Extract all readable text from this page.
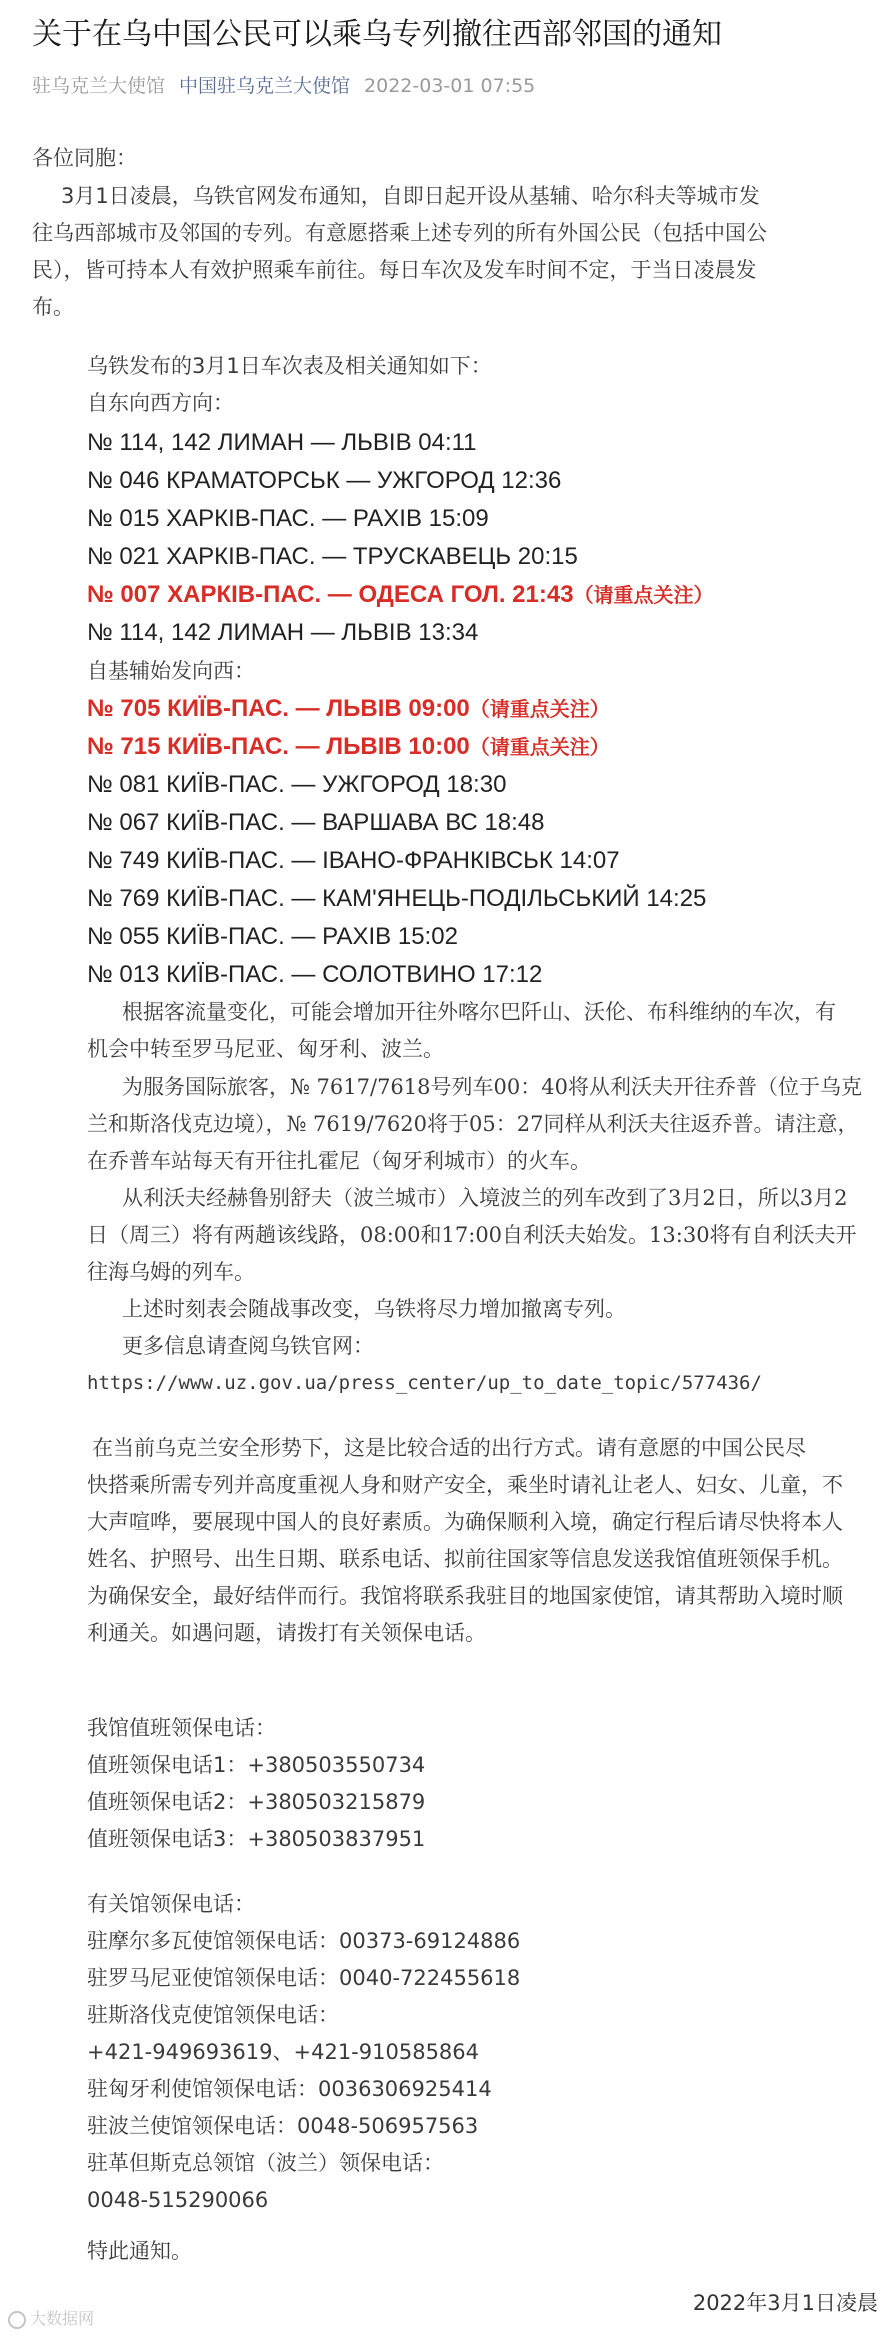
关于在乌中国公民可以乘乌专列撤往西部邻国的通知
驻乌克兰大使馆 中国驻乌克兰大使馆 2022-03-01 07:55
各位同胞：
3月1日凌晨，乌铁官网发布通知，自即日起开设从基辅、哈尔科夫等城市发
往乌西部城市及邻国的专列。有意愿搭乘上述专列的所有外国公民（包括中国公
民），皆可持本人有效护照乘车前往。每日车次及发车时间不定，于当日凌晨发
布。
乌铁发布的3月1日车次表及相关通知如下：
自东向西方向：
№ 114, 142 ЛИМАН — ЛЬВІВ 04:11
№ 046 КРАМАТОРСЬК — УЖГОРОД 12:36
№ 015 ХАРКІВ-ПАС. — РАХІВ 15:09
№ 021 ХАРКІВ-ПАС. — ТРУСКАВЕЦЬ 20:15
№ 007 ХАРКІВ-ПАС. — ОДЕСА ГОЛ. 21:43（请重点关注）
№ 114, 142 ЛИМАН — ЛЬВІВ 13:34
自基辅始发向西：
№ 705 КИЇВ-ПАС. — ЛЬВІВ 09:00（请重点关注）
№ 715 КИЇВ-ПАС. — ЛЬВІВ 10:00（请重点关注）
№ 081 КИЇВ-ПАС. — УЖГОРОД 18:30
№ 067 КИЇВ-ПАС. — ВАРШАВА ВС 18:48
№ 749 КИЇВ-ПАС. — ІВАНО-ФРАНКІВСЬК 14:07
№ 769 КИЇВ-ПАС. — КАМ'ЯНЕЦЬ-ПОДІЛЬСЬКИЙ 14:25
№ 055 КИЇВ-ПАС. — РАХІВ 15:02
№ 013 КИЇВ-ПАС. — СОЛОТВИНО 17:12
根据客流量变化，可能会增加开往外喀尔巴阡山、沃伦、布科维纳的车次，有
机会中转至罗马尼亚、匈牙利、波兰。
为服务国际旅客，№ 7617/7618号列车00：40将从利沃夫开往乔普（位于乌克
兰和斯洛伐克边境），№ 7619/7620将于05：27同样从利沃夫往返乔普。请注意，
在乔普车站每天有开往扎霍尼（匈牙利城市）的火车。
从利沃夫经赫鲁别舒夫（波兰城市）入境波兰的列车改到了3月2日，所以3月2
日（周三）将有两趟该线路，08:00和17:00自利沃夫始发。13:30将有自利沃夫开
往海乌姆的列车。
上述时刻表会随战事改变，乌铁将尽力增加撤离专列。
更多信息请查阅乌铁官网：
https://www.uz.gov.ua/press_center/up_to_date_topic/577436/
在当前乌克兰安全形势下，这是比较合适的出行方式。请有意愿的中国公民尽
快搭乘所需专列并高度重视人身和财产安全，乘坐时请礼让老人、妇女、儿童，不
大声喧哗，要展现中国人的良好素质。为确保顺利入境，确定行程后请尽快将本人
姓名、护照号、出生日期、联系电话、拟前往国家等信息发送我馆值班领保手机。
为确保安全，最好结伴而行。我馆将联系我驻目的地国家使馆，请其帮助入境时顺
利通关。如遇问题，请拨打有关领保电话。
我馆值班领保电话：
值班领保电话1：+380503550734
值班领保电话2：+380503215879
值班领保电话3：+380503837951
有关馆领保电话：
驻摩尔多瓦使馆领保电话：00373-69124886
驻罗马尼亚使馆领保电话：0040-722455618
驻斯洛伐克使馆领保电话：
+421-949693619、+421-910585864
驻匈牙利使馆领保电话：0036306925414
驻波兰使馆领保电话：0048-506957563
驻革但斯克总领馆（波兰）领保电话：
0048-515290066
特此通知。
2022年3月1日凌晨
大数据网
